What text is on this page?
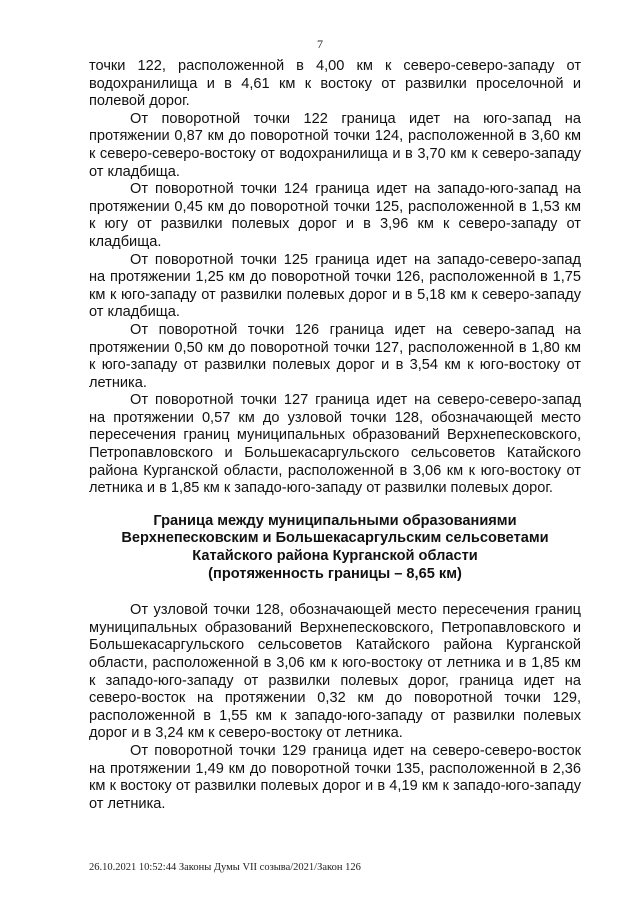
7

точки 122, расположенной в 4,00 км к северо-северо-западу от водохранилища и в 4,61 км к востоку от развилки проселочной и полевой дорог.

От поворотной точки 122 граница идет на юго-запад на протяжении 0,87 км до поворотной точки 124, расположенной в 3,60 км к северо-северо-востоку от водохранилища и в 3,70 км к северо-западу от кладбища.

От поворотной точки 124 граница идет на западо-юго-запад на протяжении 0,45 км до поворотной точки 125, расположенной в 1,53 км к югу от развилки полевых дорог и в 3,96 км к северо-западу от кладбища.

От поворотной точки 125 граница идет на западо-северо-запад на протяжении 1,25 км до поворотной точки 126, расположенной в 1,75 км к юго-западу от развилки полевых дорог и в 5,18 км к северо-западу от кладбища.

От поворотной точки 126 граница идет на северо-запад на протяжении 0,50 км до поворотной точки 127, расположенной в 1,80 км к юго-западу от развилки полевых дорог и в 3,54 км к юго-востоку от летника.

От поворотной точки 127 граница идет на северо-северо-запад на протяжении 0,57 км до узловой точки 128, обозначающей место пересечения границ муниципальных образований Верхнепесковского, Петропавловского и Большекасаргульского сельсоветов Катайского района Курганской области, расположенной в 3,06 км к юго-востоку от летника и в 1,85 км к западо-юго-западу от развилки полевых дорог.

Граница между муниципальными образованиями
Верхнепесковским и Большекасаргульским сельсоветами
Катайского района Курганской области
(протяженность границы – 8,65 км)

От узловой точки 128, обозначающей место пересечения границ муниципальных образований Верхнепесковского, Петропавловского и Большекасаргульского сельсоветов Катайского района Курганской области, расположенной в 3,06 км к юго-востоку от летника и в 1,85 км к западо-юго-западу от развилки полевых дорог, граница идет на северо-восток на протяжении 0,32 км до поворотной точки 129, расположенной в 1,55 км к западо-юго-западу от развилки полевых дорог и в 3,24 км к северо-востоку от летника.

От поворотной точки 129 граница идет на северо-северо-восток на протяжении 1,49 км до поворотной точки 135, расположенной в 2,36 км к востоку от развилки полевых дорог и в 4,19 км к западо-юго-западу от летника.

26.10.2021 10:52:44 Законы Думы VII созыва/2021/Закон 126
